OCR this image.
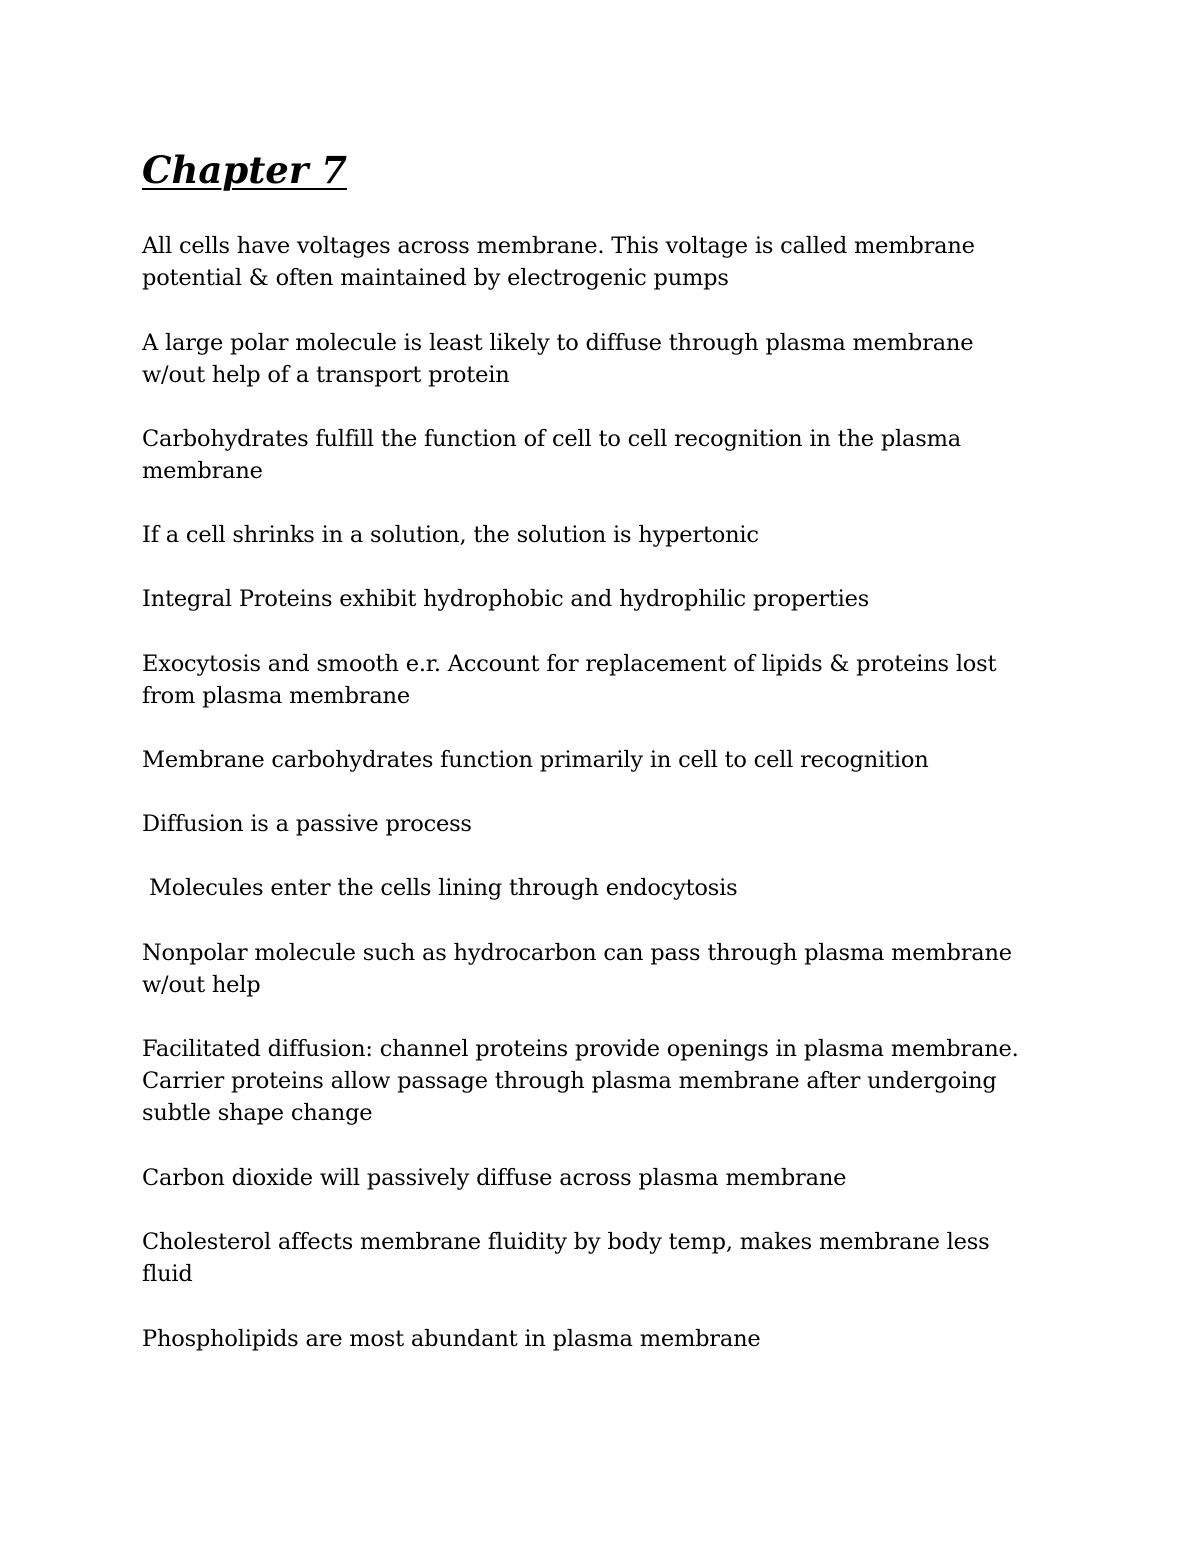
Chapter 7
All cells have voltages across membrane. This voltage is called membrane
potential & often maintained by electrogenic pumps
A large polar molecule is least likely to diffuse through plasma membrane
w/out help of a transport protein
Carbohydrates fulfill the function of cell to cell recognition in the plasma
membrane
If a cell shrinks in a solution, the solution is hypertonic
Integral Proteins exhibit hydrophobic and hydrophilic properties
Exocytosis and smooth e.r. Account for replacement of lipids & proteins lost
from plasma membrane
Membrane carbohydrates function primarily in cell to cell recognition
Diffusion is a passive process
Molecules enter the cells lining through endocytosis
Nonpolar molecule such as hydrocarbon can pass through plasma membrane
w/out help
Facilitated diffusion: channel proteins provide openings in plasma membrane.
Carrier proteins allow passage through plasma membrane after undergoing
subtle shape change
Carbon dioxide will passively diffuse across plasma membrane
Cholesterol affects membrane fluidity by body temp, makes membrane less
fluid
Phospholipids are most abundant in plasma membrane
